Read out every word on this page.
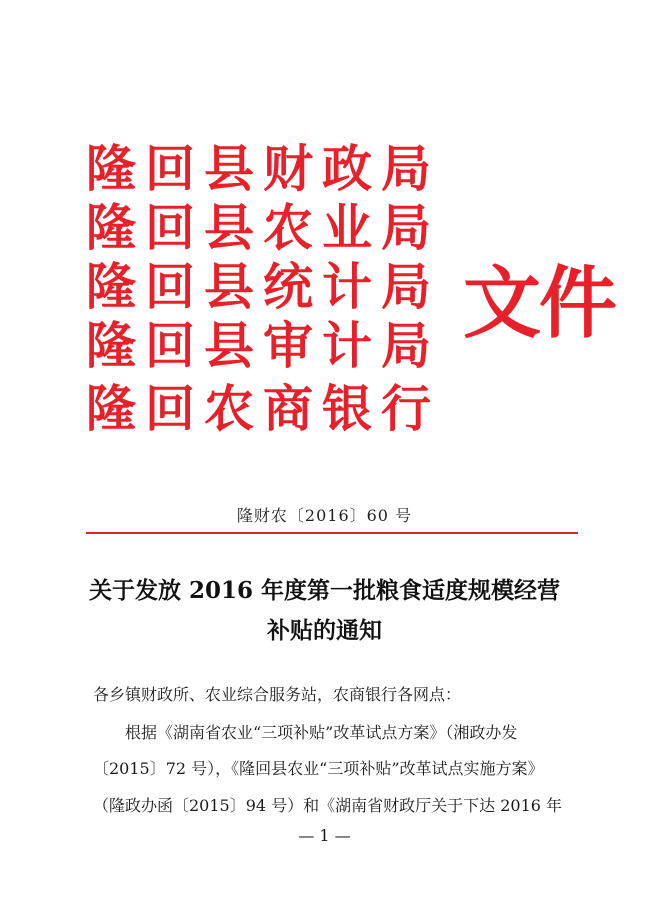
隆回县财政局
隆回县农业局
隆回县统计局
隆回县审计局
隆回农商银行
文件
隆财农〔2016〕60 号
关于发放 2016 年度第一批粮食适度规模经营
补贴的通知
各乡镇财政所、农业综合服务站，农商银行各网点：
根据《湖南省农业“三项补贴”改革试点方案》（湘政办发
〔2015〕72 号），《隆回县农业“三项补贴”改革试点实施方案》
（隆政办函〔2015〕94 号）和《湖南省财政厅关于下达 2016 年
— 1 —
